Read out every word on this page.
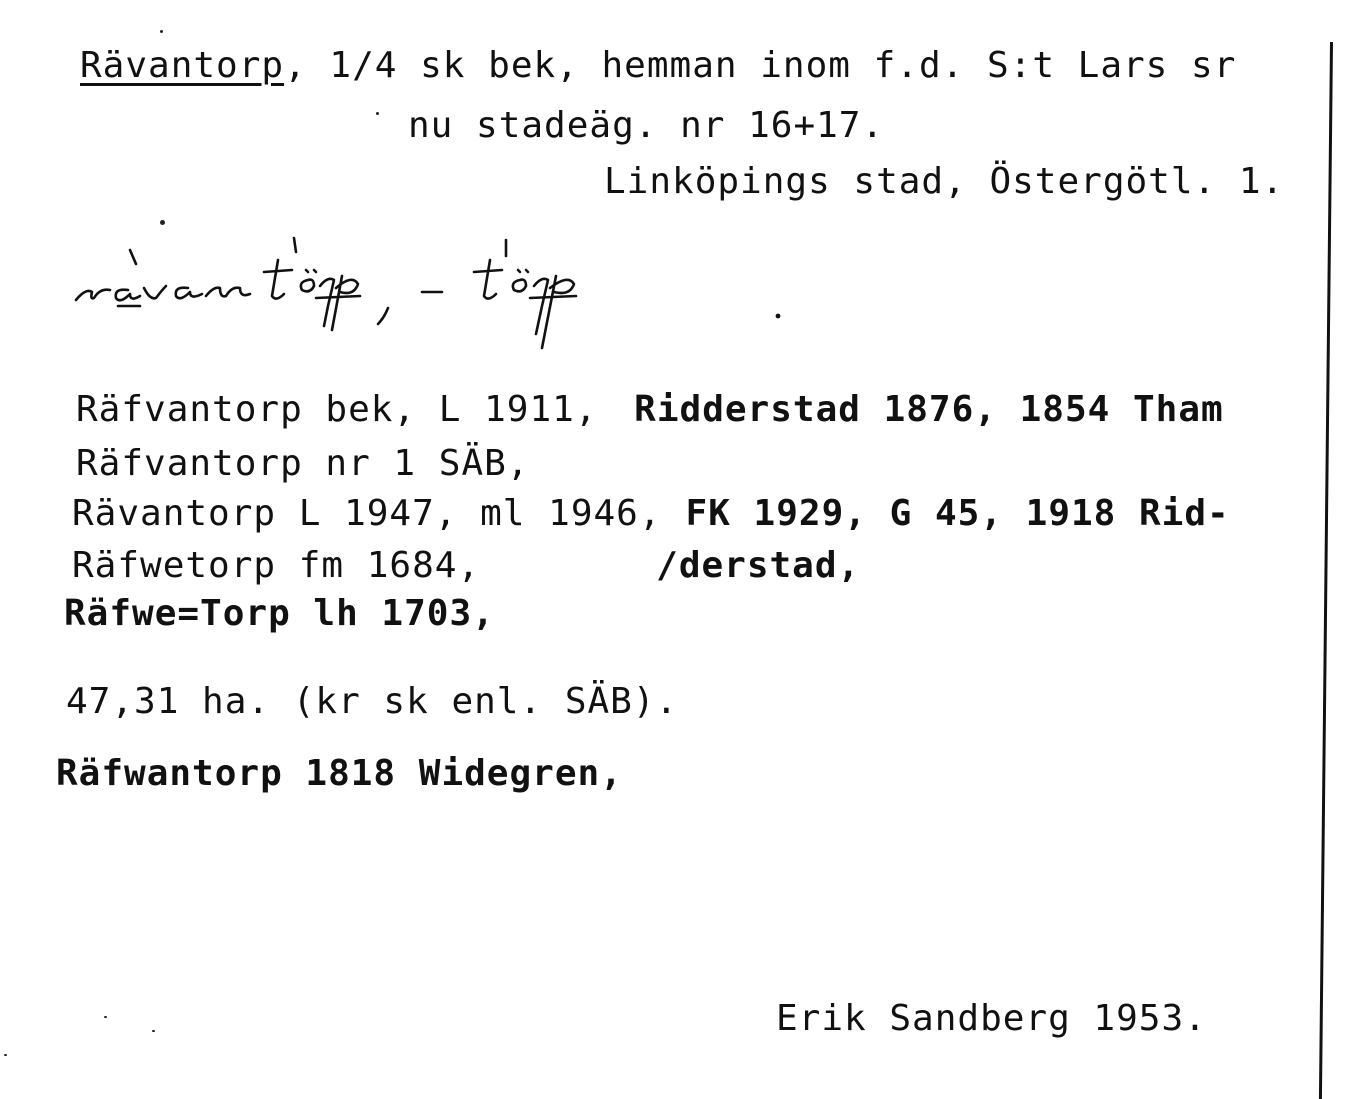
Rävantorp, 1/4 sk bek, hemman inom f.d. S:t Lars sr
nu stadeäg. nr 16+17.
Linköpings stad, Östergötl. 1.
Räfvantorp bek, L 1911, Ridderstad 1876, 1854 Tham
Räfvantorp nr 1 SÄB,
Rävantorp L 1947, ml 1946, FK 1929, G 45, 1918 Rid-
Räfwetorp fm 1684,	/derstad,
Räfwe=Torp lh 1703,
47,31 ha. (kr sk enl. SÄB).
Räfwantorp 1818 Widegren,
Erik Sandberg 1953.
